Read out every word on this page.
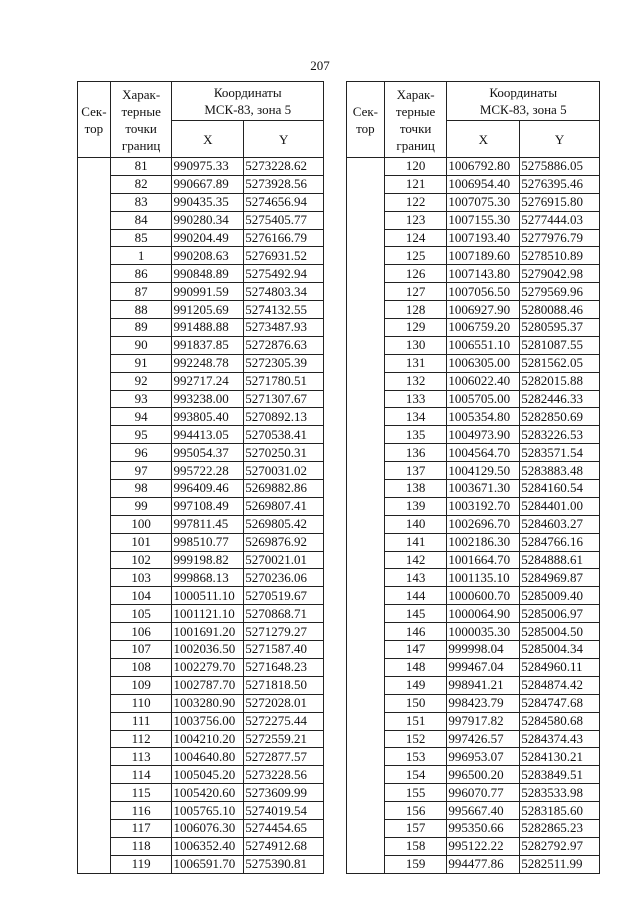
207
Сек-
тор	Харак-
терные
точки
границ	Координаты
МСК-83, зона 5	
		X	Y
	81	990975.33	5273228.62
	82	990667.89	5273928.56
	83	990435.35	5274656.94
	84	990280.34	5275405.77
	85	990204.49	5276166.79
	1	990208.63	5276931.52
	86	990848.89	5275492.94
	87	990991.59	5274803.34
	88	991205.69	5274132.55
	89	991488.88	5273487.93
	90	991837.85	5272876.63
	91	992248.78	5272305.39
	92	992717.24	5271780.51
	93	993238.00	5271307.67
	94	993805.40	5270892.13
	95	994413.05	5270538.41
	96	995054.37	5270250.31
	97	995722.28	5270031.02
	98	996409.46	5269882.86
	99	997108.49	5269807.41
	100	997811.45	5269805.42
	101	998510.77	5269876.92
	102	999198.82	5270021.01
	103	999868.13	5270236.06
	104	1000511.10	5270519.67
	105	1001121.10	5270868.71
	106	1001691.20	5271279.27
	107	1002036.50	5271587.40
	108	1002279.70	5271648.23
	109	1002787.70	5271818.50
	110	1003280.90	5272028.01
	111	1003756.00	5272275.44
	112	1004210.20	5272559.21
	113	1004640.80	5272877.57
	114	1005045.20	5273228.56
	115	1005420.60	5273609.99
	116	1005765.10	5274019.54
	117	1006076.30	5274454.65
	118	1006352.40	5274912.68
	119	1006591.70	5275390.81
Сек-
тор	Харак-
терные
точки
границ	Координаты
МСК-83, зона 5	
		X	Y
	120	1006792.80	5275886.05
	121	1006954.40	5276395.46
	122	1007075.30	5276915.80
	123	1007155.30	5277444.03
	124	1007193.40	5277976.79
	125	1007189.60	5278510.89
	126	1007143.80	5279042.98
	127	1007056.50	5279569.96
	128	1006927.90	5280088.46
	129	1006759.20	5280595.37
	130	1006551.10	5281087.55
	131	1006305.00	5281562.05
	132	1006022.40	5282015.88
	133	1005705.00	5282446.33
	134	1005354.80	5282850.69
	135	1004973.90	5283226.53
	136	1004564.70	5283571.54
	137	1004129.50	5283883.48
	138	1003671.30	5284160.54
	139	1003192.70	5284401.00
	140	1002696.70	5284603.27
	141	1002186.30	5284766.16
	142	1001664.70	5284888.61
	143	1001135.10	5284969.87
	144	1000600.70	5285009.40
	145	1000064.90	5285006.97
	146	1000035.30	5285004.50
	147	999998.04	5285004.34
	148	999467.04	5284960.11
	149	998941.21	5284874.42
	150	998423.79	5284747.68
	151	997917.82	5284580.68
	152	997426.57	5284374.43
	153	996953.07	5284130.21
	154	996500.20	5283849.51
	155	996070.77	5283533.98
	156	995667.40	5283185.60
	157	995350.66	5282865.23
	158	995122.22	5282792.97
	159	994477.86	5282511.99
